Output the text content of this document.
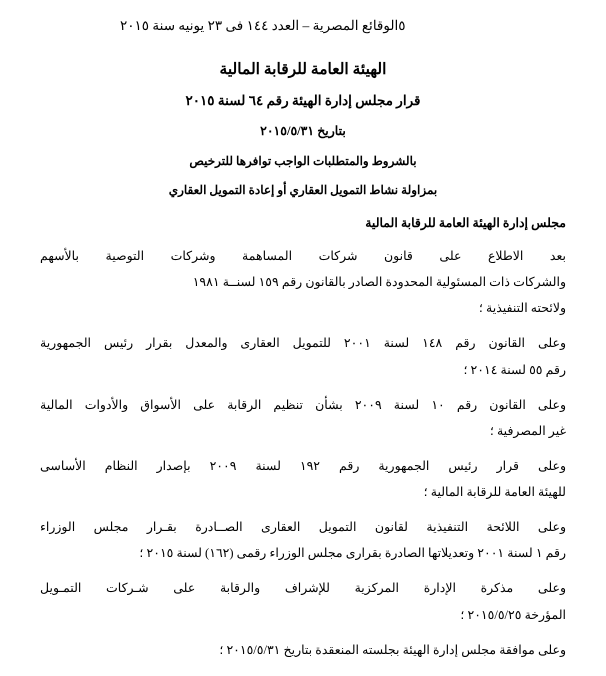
الوقائع المصرية – العدد ١٤٤ فى ٢٣ يونيه سنة ٢٠١٥ ٥
الهيئة العامة للرقابة المالية
قرار مجلس إدارة الهيئة رقم ٦٤ لسنة ٢٠١٥
بتاريخ ٢٠١٥/٥/٣١
بالشروط والمتطلبات الواجب توافرها للترخيص
بمزاولة نشاط التمويل العقاري أو إعادة التمويل العقاري
مجلس إدارة الهيئة العامة للرقابة المالية

بعد الاطلاع على قانون شركات المساهمة وشركات التوصية بالأسهم

والشركات ذات المسئولية المحدودة الصادر بالقانون رقم ١٥٩ لسنــة ١٩٨١

ولائحته التنفيذية ؛

وعلى القانون رقم ١٤٨ لسنة ٢٠٠١ للتمويل العقارى والمعدل بقرار رئيس الجمهورية

رقم ٥٥ لسنة ٢٠١٤ ؛

وعلى القانون رقم ١٠ لسنة ٢٠٠٩ بشأن تنظيم الرقابة على الأسواق والأدوات المالية

غير المصرفية ؛

وعلى قرار رئيس الجمهورية رقم ١٩٢ لسنة ٢٠٠٩ بإصدار النظام الأساسى

للهيئة العامة للرقابة المالية ؛

وعلى اللائحة التنفيذية لقانون التمويل العقارى الصــادرة بقـرار مجلس الوزراء

رقم ١ لسنة ٢٠٠١ وتعديلاتها الصادرة بقرارى مجلس الوزراء رقمى (١٦٢) لسنة ٢٠١٥ ؛

وعلى مذكرة الإدارة المركزية للإشراف والرقابة على شـركات التمـويل

المؤرخة ٢٠١٥/٥/٢٥ ؛

وعلى موافقة مجلس إدارة الهيئة بجلسته المنعقدة بتاريخ ٢٠١٥/٥/٣١ ؛
